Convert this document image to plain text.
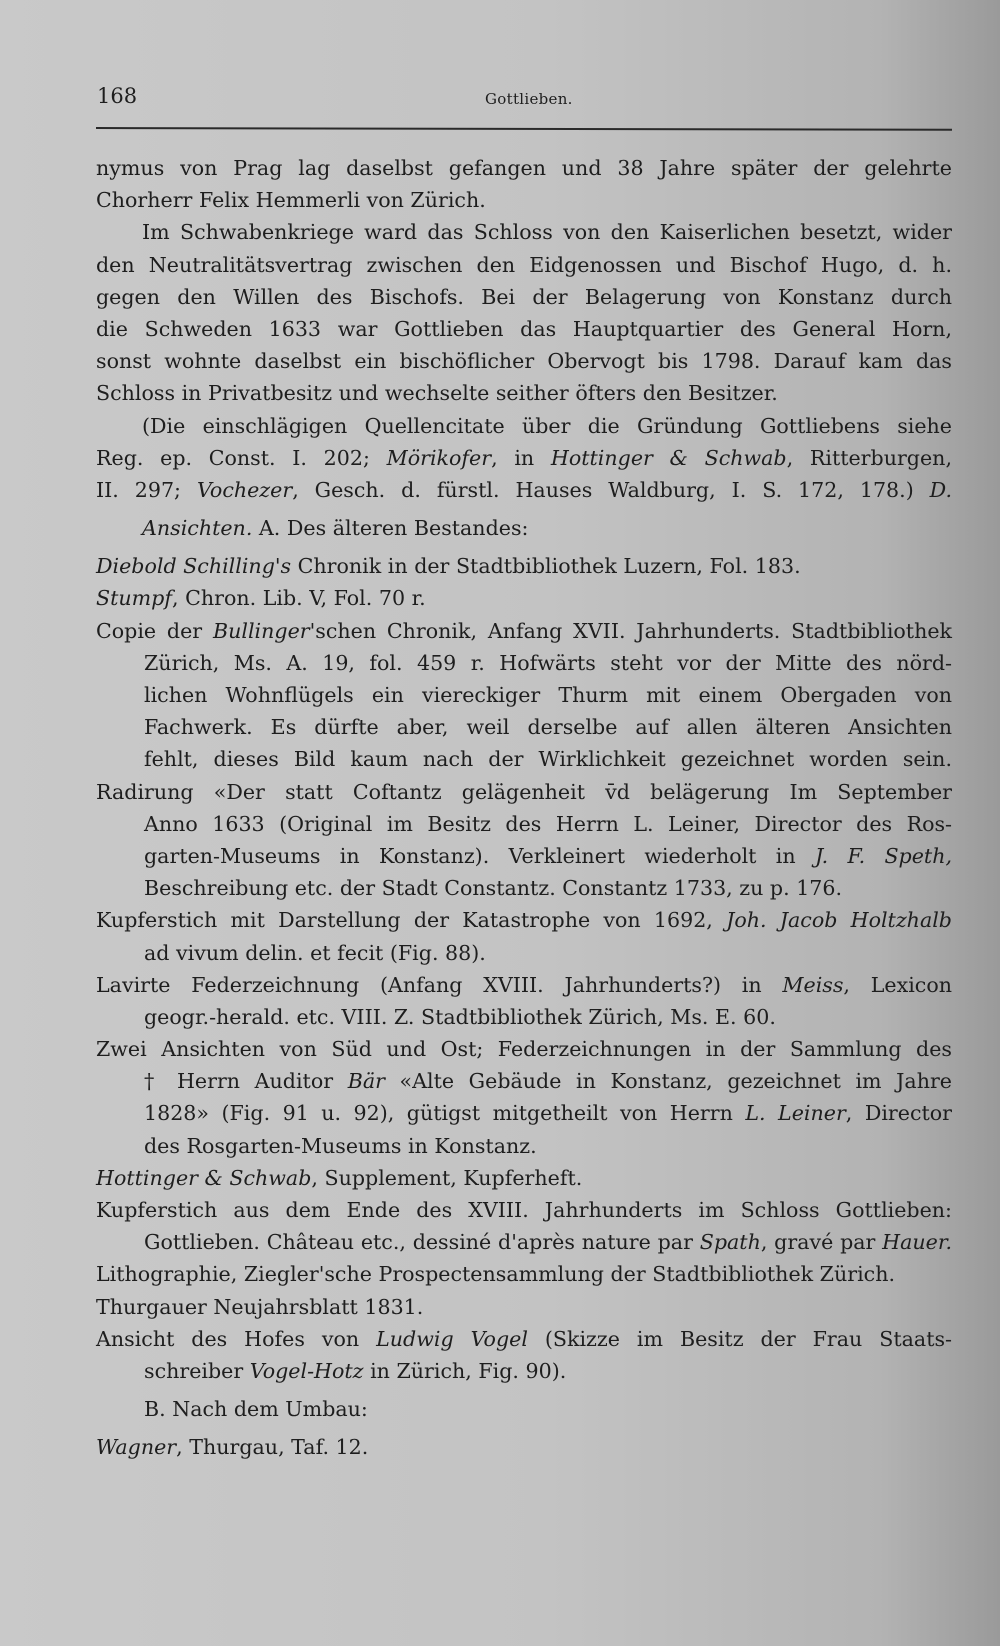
168	Gottlieben.
nymus von Prag lag daselbst gefangen und 38 Jahre später der gelehrte
Chorherr Felix Hemmerli von Zürich.
Im Schwabenkriege ward das Schloss von den Kaiserlichen besetzt, wider
den Neutralitätsvertrag zwischen den Eidgenossen und Bischof Hugo, d. h.
gegen den Willen des Bischofs. Bei der Belagerung von Konstanz durch
die Schweden 1633 war Gottlieben das Hauptquartier des General Horn,
sonst wohnte daselbst ein bischöflicher Obervogt bis 1798. Darauf kam das
Schloss in Privatbesitz und wechselte seither öfters den Besitzer.
(Die einschlägigen Quellencitate über die Gründung Gottliebens siehe
Reg. ep. Const. I. 202; Mörikofer, in Hottinger & Schwab, Ritterburgen,
II. 297; Vochezer, Gesch. d. fürstl. Hauses Waldburg, I. S. 172, 178.) D.
Ansichten. A. Des älteren Bestandes:
Diebold Schilling's Chronik in der Stadtbibliothek Luzern, Fol. 183.
Stumpf, Chron. Lib. V, Fol. 70 r.
Copie der Bullinger'schen Chronik, Anfang XVII. Jahrhunderts. Stadtbibliothek
Zürich, Ms. A. 19, fol. 459 r. Hofwärts steht vor der Mitte des nörd-
lichen Wohnflügels ein viereckiger Thurm mit einem Obergaden von
Fachwerk. Es dürfte aber, weil derselbe auf allen älteren Ansichten
fehlt, dieses Bild kaum nach der Wirklichkeit gezeichnet worden sein.
Radirung «Der statt Coftantz gelägenheit v̄d belägerung Im September
Anno 1633 (Original im Besitz des Herrn L. Leiner, Director des Ros-
garten-Museums in Konstanz). Verkleinert wiederholt in J. F. Speth,
Beschreibung etc. der Stadt Constantz. Constantz 1733, zu p. 176.
Kupferstich mit Darstellung der Katastrophe von 1692, Joh. Jacob Holtzhalb
ad vivum delin. et fecit (Fig. 88).
Lavirte Federzeichnung (Anfang XVIII. Jahrhunderts?) in Meiss, Lexicon
geogr.-herald. etc. VIII. Z. Stadtbibliothek Zürich, Ms. E. 60.
Zwei Ansichten von Süd und Ost; Federzeichnungen in der Sammlung des
† Herrn Auditor Bär «Alte Gebäude in Konstanz, gezeichnet im Jahre
1828» (Fig. 91 u. 92), gütigst mitgetheilt von Herrn L. Leiner, Director
des Rosgarten-Museums in Konstanz.
Hottinger & Schwab, Supplement, Kupferheft.
Kupferstich aus dem Ende des XVIII. Jahrhunderts im Schloss Gottlieben:
Gottlieben. Château etc., dessiné d'après nature par Spath, gravé par Hauer.
Lithographie, Ziegler'sche Prospectensammlung der Stadtbibliothek Zürich.
Thurgauer Neujahrsblatt 1831.
Ansicht des Hofes von Ludwig Vogel (Skizze im Besitz der Frau Staats-
schreiber Vogel-Hotz in Zürich, Fig. 90).
B. Nach dem Umbau:
Wagner, Thurgau, Taf. 12.
